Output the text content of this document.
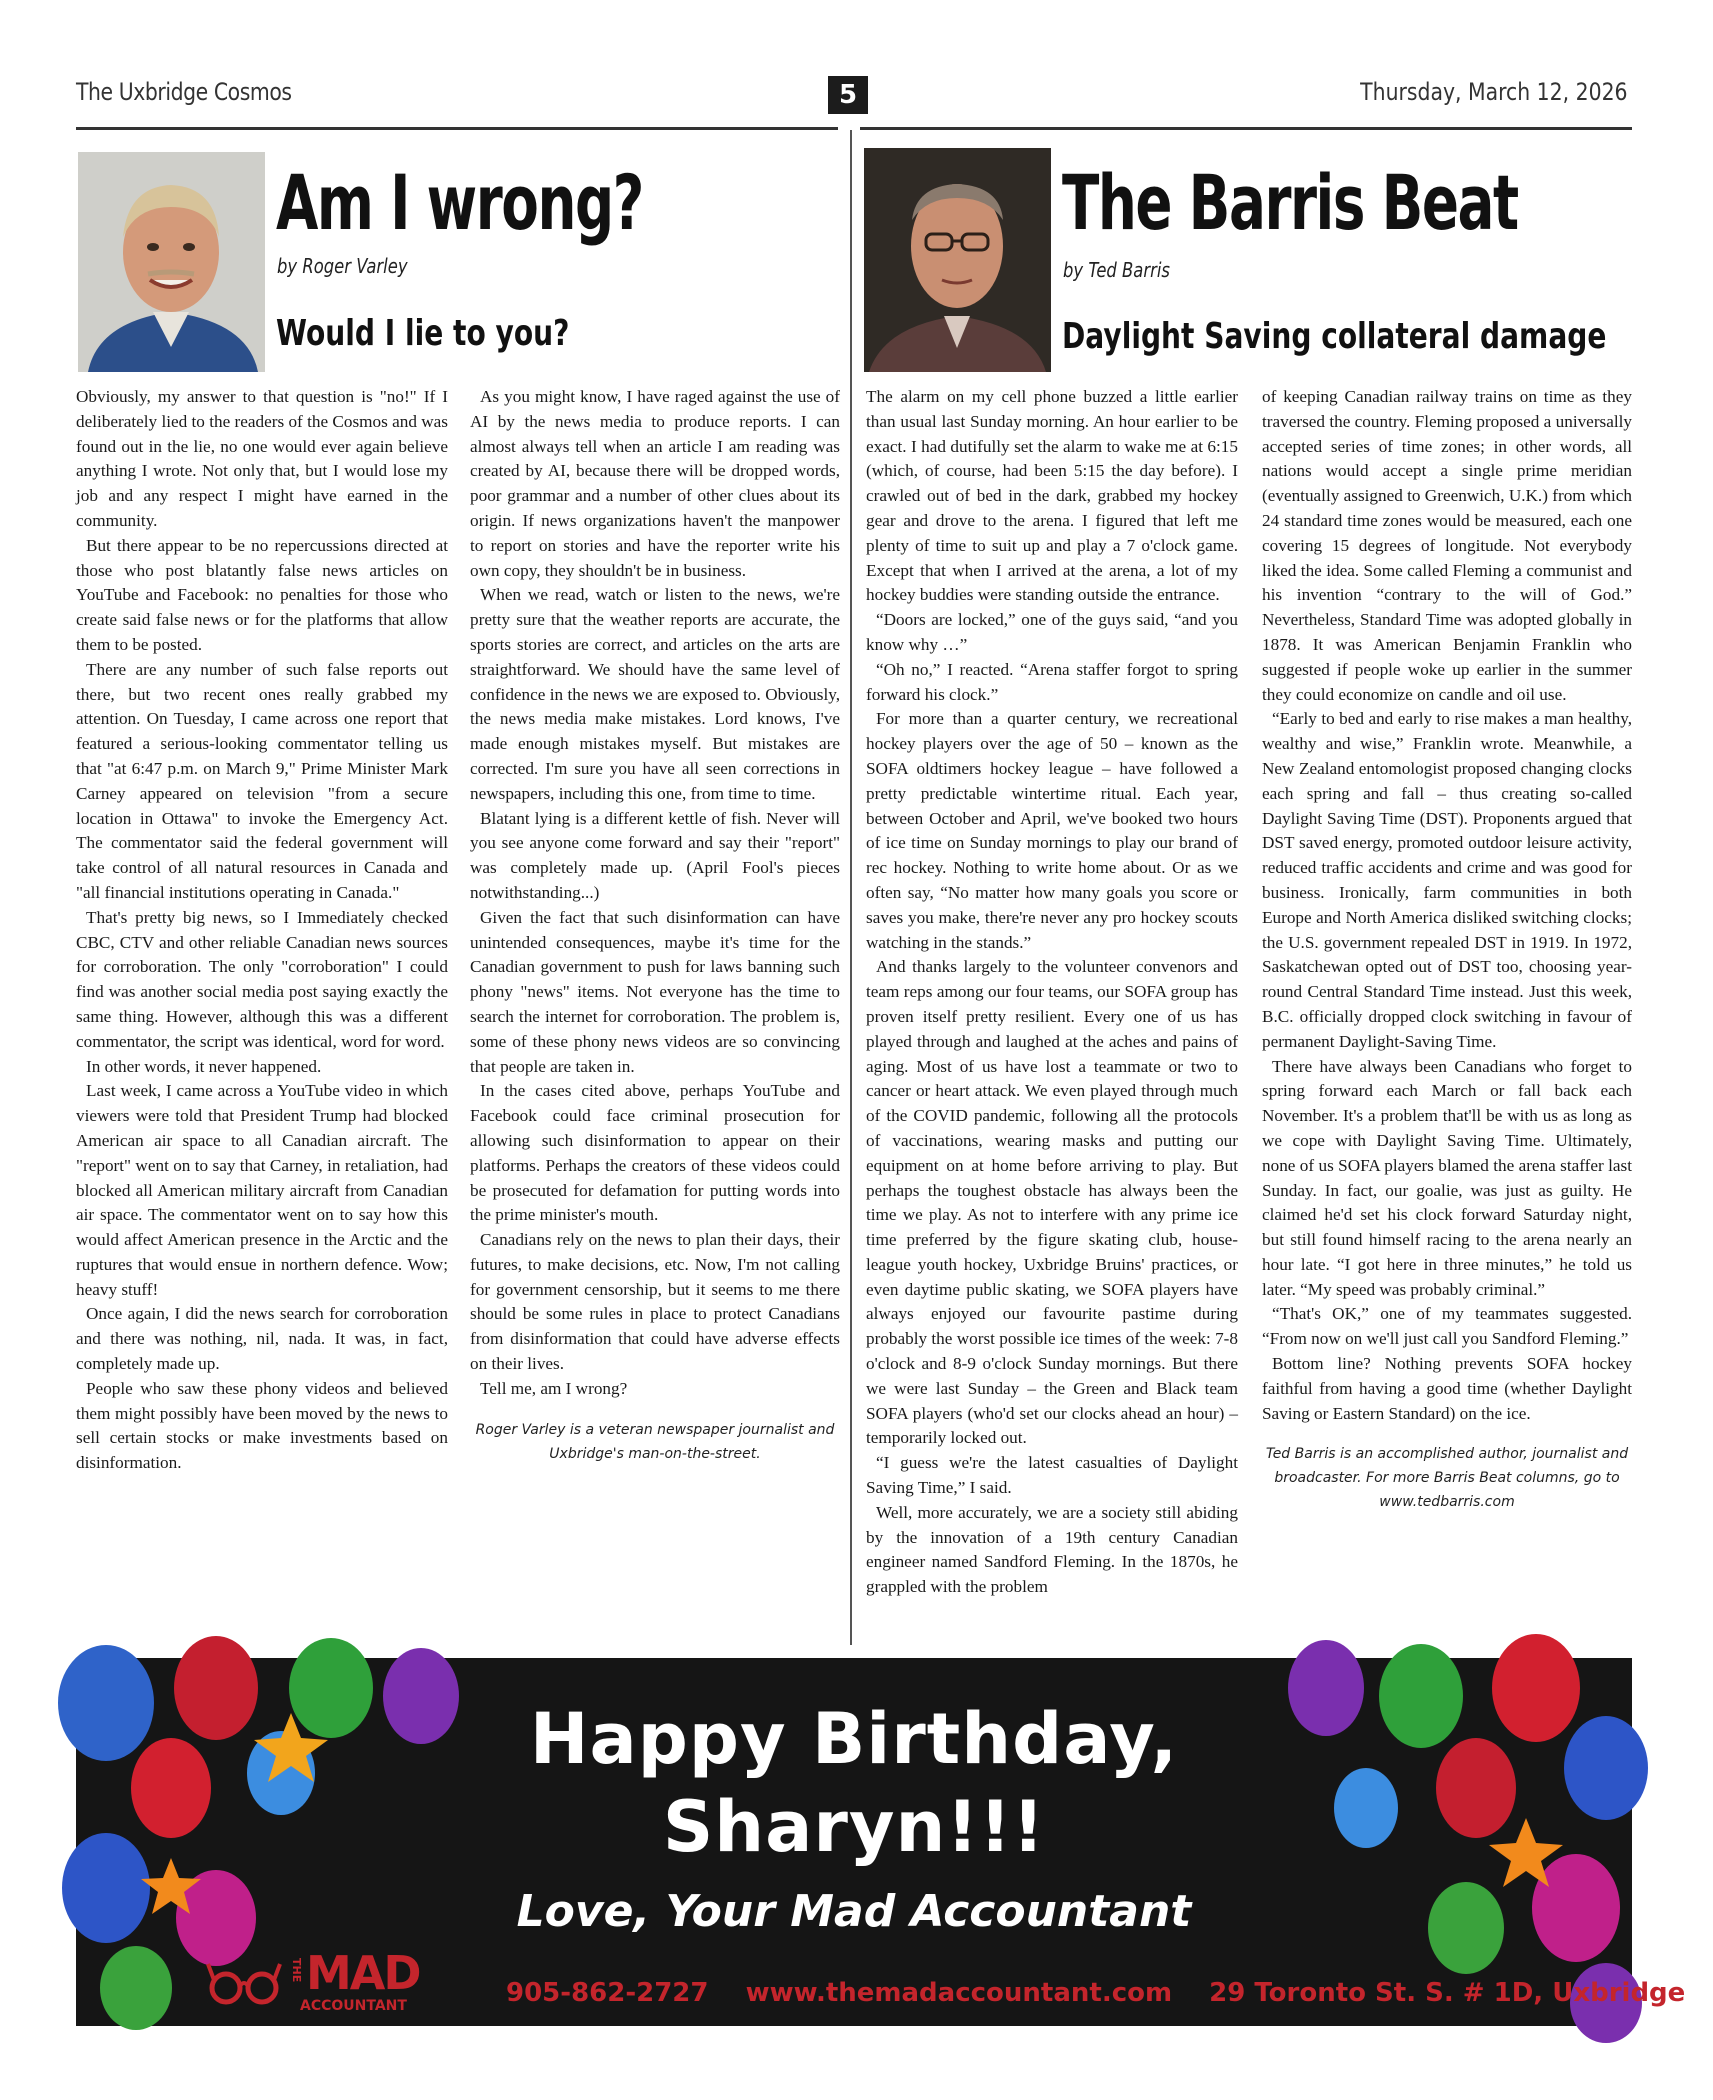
The Uxbridge Cosmos	5	Thursday, March 12, 2026
Am I wrong?
by Roger Varley
Would I lie to you?

Obviously, my answer to that question is "no!" If I deliberately lied to the readers of the Cosmos and was found out in the lie, no one would ever again believe anything I wrote. Not only that, but I would lose my job and any respect I might have earned in the community.

But there appear to be no repercussions directed at those who post blatantly false news articles on YouTube and Facebook: no penalties for those who create said false news or for the platforms that allow them to be posted.

There are any number of such false reports out there, but two recent ones really grabbed my attention. On Tuesday, I came across one report that featured a serious-looking commentator telling us that "at 6:47 p.m. on March 9," Prime Minister Mark Carney appeared on television "from a secure location in Ottawa" to invoke the Emergency Act. The commentator said the federal government will take control of all natural resources in Canada and "all financial institutions operating in Canada."

That's pretty big news, so I Immediately checked CBC, CTV and other reliable Canadian news sources for corroboration. The only "corroboration" I could find was another social media post saying exactly the same thing. However, although this was a different commentator, the script was identical, word for word.

In other words, it never happened.

Last week, I came across a YouTube video in which viewers were told that President Trump had blocked American air space to all Canadian aircraft. The "report" went on to say that Carney, in retaliation, had blocked all American military aircraft from Canadian air space. The commentator went on to say how this would affect American presence in the Arctic and the ruptures that would ensue in northern defence. Wow; heavy stuff!

Once again, I did the news search for corroboration and there was nothing, nil, nada. It was, in fact, completely made up.

People who saw these phony videos and believed them might possibly have been moved by the news to sell certain stocks or make investments based on disinformation.

As you might know, I have raged against the use of AI by the news media to produce reports. I can almost always tell when an article I am reading was created by AI, because there will be dropped words, poor grammar and a number of other clues about its origin. If news organizations haven't the manpower to report on stories and have the reporter write his own copy, they shouldn't be in business.

When we read, watch or listen to the news, we're pretty sure that the weather reports are accurate, the sports stories are correct, and articles on the arts are straightforward. We should have the same level of confidence in the news we are exposed to. Obviously, the news media make mistakes. Lord knows, I've made enough mistakes myself. But mistakes are corrected. I'm sure you have all seen corrections in newspapers, including this one, from time to time.

Blatant lying is a different kettle of fish. Never will you see anyone come forward and say their "report" was completely made up. (April Fool's pieces notwithstanding...)

Given the fact that such disinformation can have unintended consequences, maybe it's time for the Canadian government to push for laws banning such phony "news" items. Not everyone has the time to search the internet for corroboration. The problem is, some of these phony news videos are so convincing that people are taken in.

In the cases cited above, perhaps YouTube and Facebook could face criminal prosecution for allowing such disinformation to appear on their platforms. Perhaps the creators of these videos could be prosecuted for defamation for putting words into the prime minister's mouth.

Canadians rely on the news to plan their days, their futures, to make decisions, etc. Now, I'm not calling for government censorship, but it seems to me there should be some rules in place to protect Canadians from disinformation that could have adverse effects on their lives.

Tell me, am I wrong?

Roger Varley is a veteran newspaper journalist and Uxbridge's man-on-the-street.

The Barris Beat
by Ted Barris
Daylight Saving collateral damage

The alarm on my cell phone buzzed a little earlier than usual last Sunday morning. An hour earlier to be exact. I had dutifully set the alarm to wake me at 6:15 (which, of course, had been 5:15 the day before). I crawled out of bed in the dark, grabbed my hockey gear and drove to the arena. I figured that left me plenty of time to suit up and play a 7 o'clock game. Except that when I arrived at the arena, a lot of my hockey buddies were standing outside the entrance.

“Doors are locked,” one of the guys said, “and you know why …”

“Oh no,” I reacted. “Arena staffer forgot to spring forward his clock.”

For more than a quarter century, we recreational hockey players over the age of 50 – known as the SOFA oldtimers hockey league – have followed a pretty predictable wintertime ritual. Each year, between October and April, we've booked two hours of ice time on Sunday mornings to play our brand of rec hockey. Nothing to write home about. Or as we often say, “No matter how many goals you score or saves you make, there're never any pro hockey scouts watching in the stands.”

And thanks largely to the volunteer convenors and team reps among our four teams, our SOFA group has proven itself pretty resilient. Every one of us has played through and laughed at the aches and pains of aging. Most of us have lost a teammate or two to cancer or heart attack. We even played through much of the COVID pandemic, following all the protocols of vaccinations, wearing masks and putting our equipment on at home before arriving to play. But perhaps the toughest obstacle has always been the time we play. As not to interfere with any prime ice time preferred by the figure skating club, house-league youth hockey, Uxbridge Bruins' practices, or even daytime public skating, we SOFA players have always enjoyed our favourite pastime during probably the worst possible ice times of the week: 7-8 o'clock and 8-9 o'clock Sunday mornings. But there we were last Sunday – the Green and Black team SOFA players (who'd set our clocks ahead an hour) – temporarily locked out.

“I guess we're the latest casualties of Daylight Saving Time,” I said.

Well, more accurately, we are a society still abiding by the innovation of a 19th century Canadian engineer named Sandford Fleming. In the 1870s, he grappled with the problem

of keeping Canadian railway trains on time as they traversed the country. Fleming proposed a universally accepted series of time zones; in other words, all nations would accept a single prime meridian (eventually assigned to Greenwich, U.K.) from which 24 standard time zones would be measured, each one covering 15 degrees of longitude. Not everybody liked the idea. Some called Fleming a communist and his invention “contrary to the will of God.” Nevertheless, Standard Time was adopted globally in 1878. It was American Benjamin Franklin who suggested if people woke up earlier in the summer they could economize on candle and oil use.

“Early to bed and early to rise makes a man healthy, wealthy and wise,” Franklin wrote. Meanwhile, a New Zealand entomologist proposed changing clocks each spring and fall – thus creating so-called Daylight Saving Time (DST). Proponents argued that DST saved energy, promoted outdoor leisure activity, reduced traffic accidents and crime and was good for business. Ironically, farm communities in both Europe and North America disliked switching clocks; the U.S. government repealed DST in 1919. In 1972, Saskatchewan opted out of DST too, choosing year-round Central Standard Time instead. Just this week, B.C. officially dropped clock switching in favour of permanent Daylight-Saving Time.

There have always been Canadians who forget to spring forward each March or fall back each November. It's a problem that'll be with us as long as we cope with Daylight Saving Time. Ultimately, none of us SOFA players blamed the arena staffer last Sunday. In fact, our goalie, was just as guilty. He claimed he'd set his clock forward Saturday night, but still found himself racing to the arena nearly an hour late. “I got here in three minutes,” he told us later. “My speed was probably criminal.”

“That's OK,” one of my teammates suggested. “From now on we'll just call you Sandford Fleming.”

Bottom line? Nothing prevents SOFA hockey faithful from having a good time (whether Daylight Saving or Eastern Standard) on the ice.

Ted Barris is an accomplished author, journalist and broadcaster. For more Barris Beat columns, go to www.tedbarris.com

Happy Birthday,
Sharyn!!!
Love, Your Mad Accountant
THE MAD
ACCOUNTANT	905-862-2727 www.themadaccountant.com 29 Toronto St. S. # 1D, Uxbridge
